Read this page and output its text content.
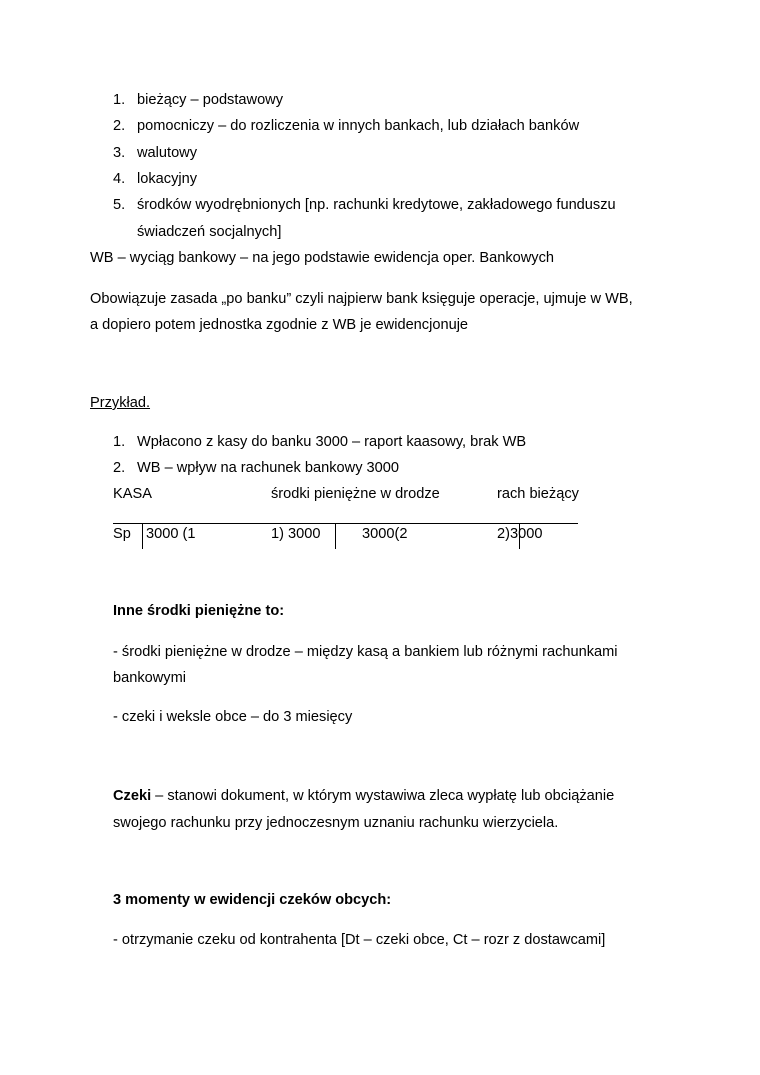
1. bieżący – podstawowy
2. pomocniczy – do rozliczenia w innych bankach, lub działach banków
3. walutowy
4. lokacyjny
5. środków wyodrębnionych [np. rachunki kredytowe, zakładowego funduszu
świadczeń socjalnych]
WB – wyciąg bankowy – na jego podstawie ewidencja oper. Bankowych
Obowiązuje zasada „po banku” czyli najpierw bank księguje operacje, ujmuje w WB,
a dopiero potem jednostka zgodnie z WB je ewidencjonuje
Przykład.
1. Wpłacono z kasy do banku 3000 – raport kaasowy, brak WB
2. WB – wpływ na rachunek bankowy 3000
KASA	środki pieniężne w drodze	rach bieżący
Sp 3000 (1	1) 3000	3000(2	2)3000
Inne środki pieniężne to:
- środki pieniężne w drodze – między kasą a bankiem lub różnymi rachunkami
bankowymi
- czeki i weksle obce – do 3 miesięcy
Czeki – stanowi dokument, w którym wystawiwa zleca wypłatę lub obciążanie
swojego rachunku przy jednoczesnym uznaniu rachunku wierzyciela.
3 momenty w ewidencji czeków obcych:
- otrzymanie czeku od kontrahenta [Dt – czeki obce, Ct – rozr z dostawcami]
